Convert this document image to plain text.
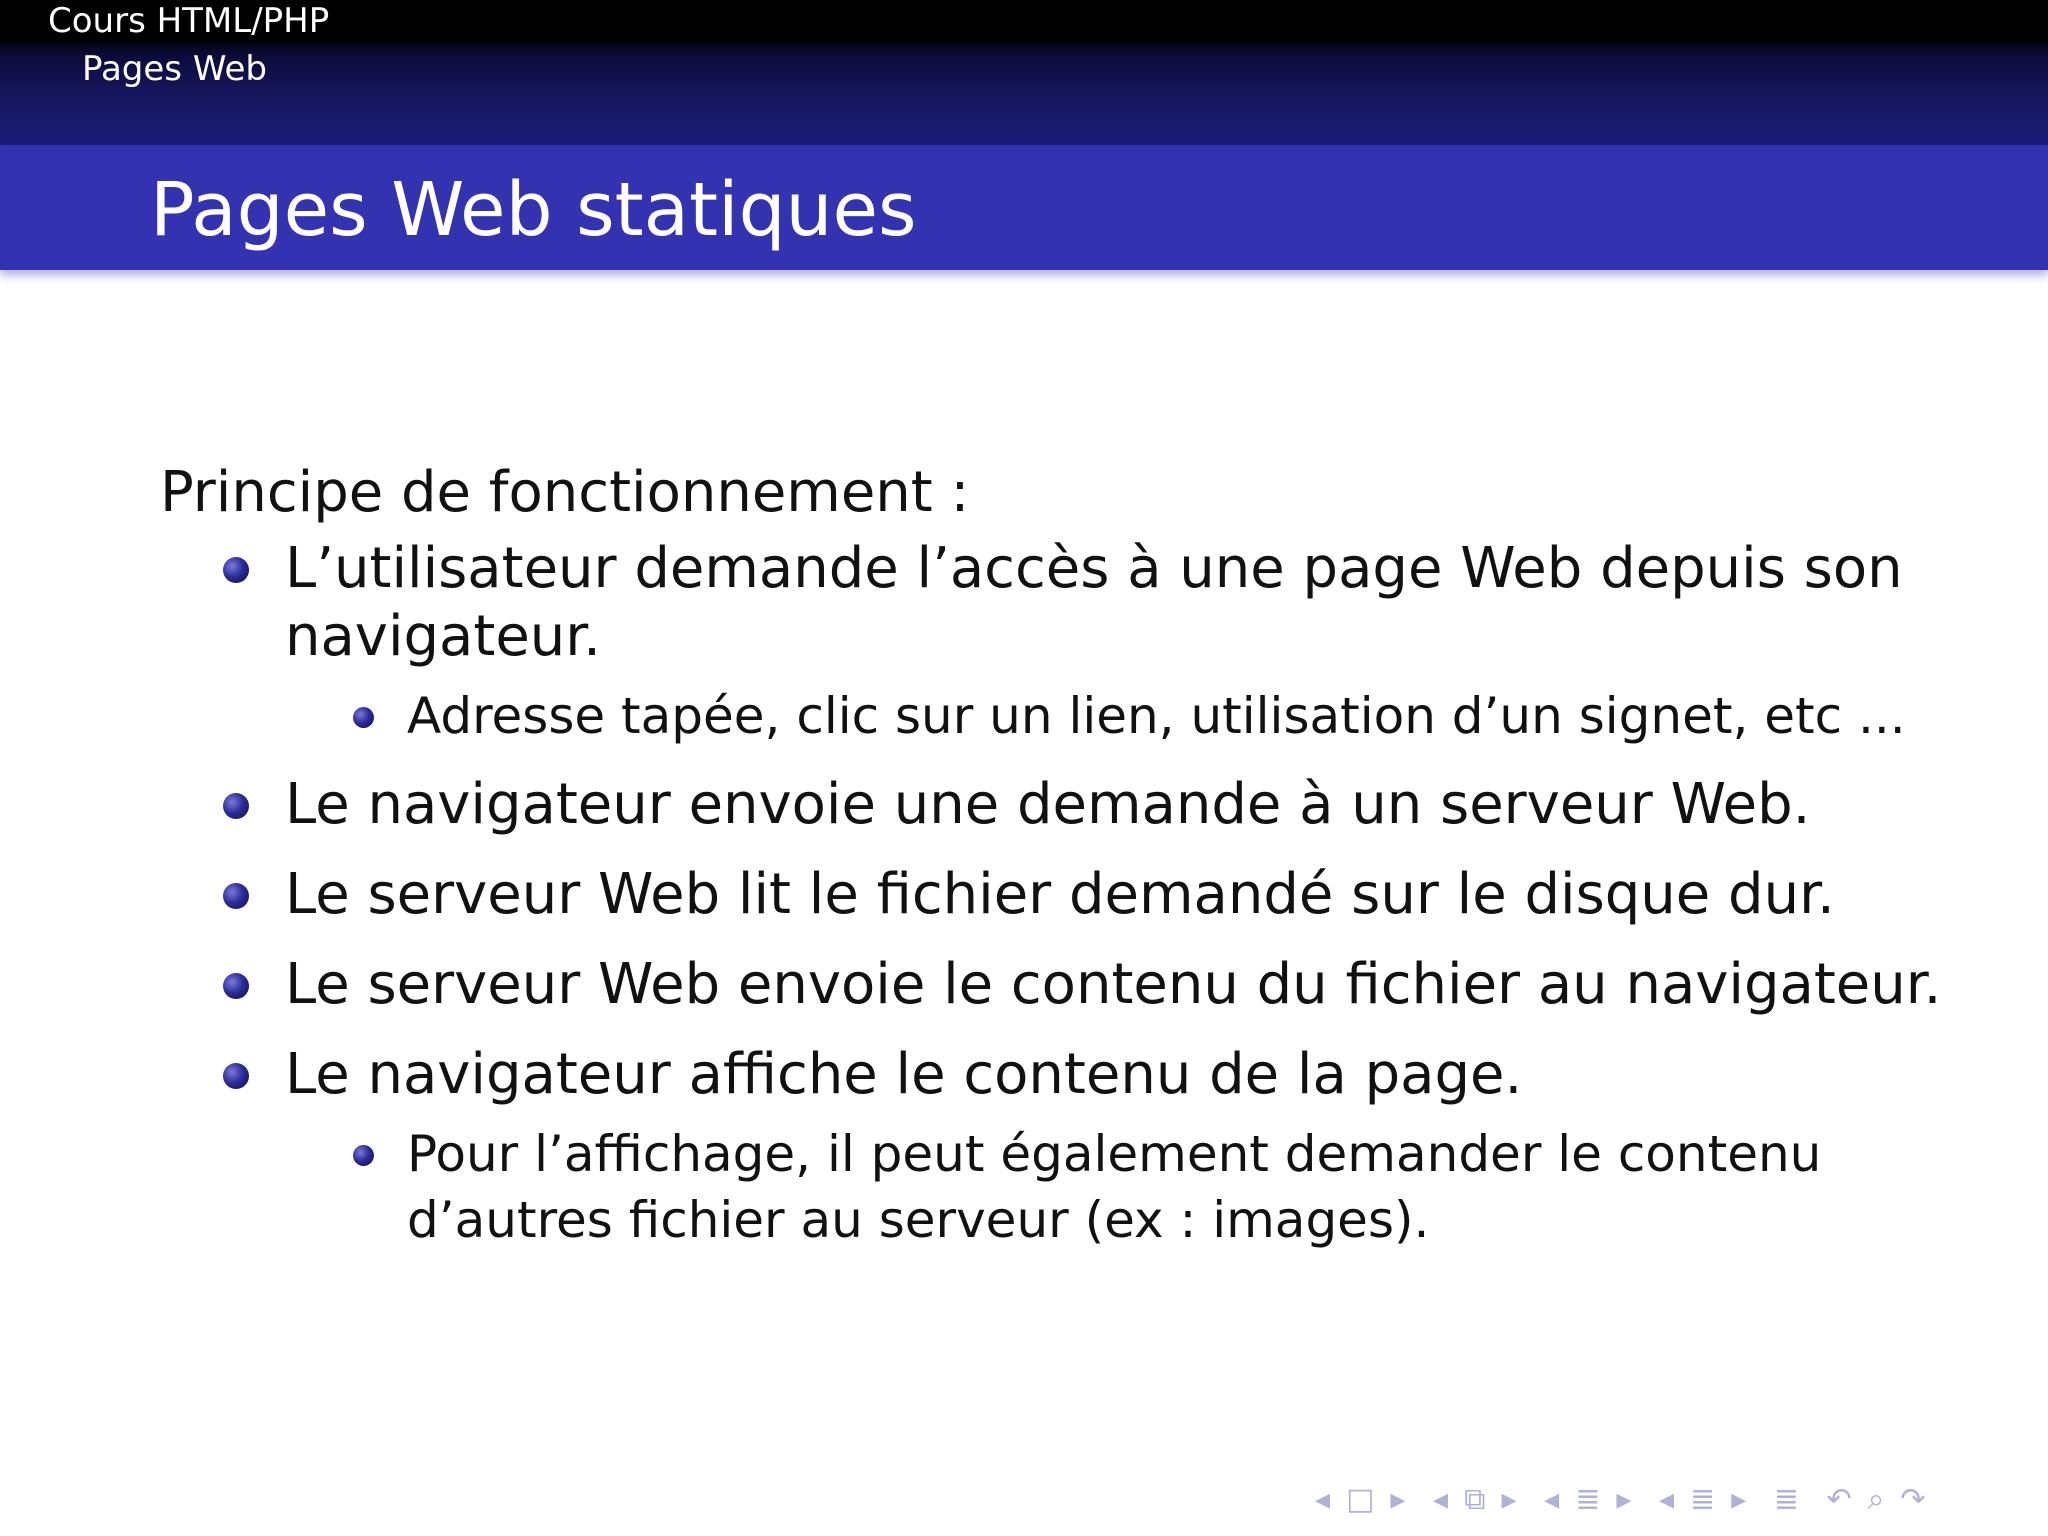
Cours HTML/PHP
Pages Web
Pages Web statiques

Principe de fonctionnement :

L’utilisateur demande l’accès à une page Web depuis son navigateur.
Adresse tapée, clic sur un lien, utilisation d’un signet, etc ...
Le navigateur envoie une demande à un serveur Web.
Le serveur Web lit le fichier demandé sur le disque dur.
Le serveur Web envoie le contenu du fichier au navigateur.
Le navigateur affiche le contenu de la page.
Pour l’affichage, il peut également demander le contenu d’autres fichier au serveur (ex : images).
◂ □ ▸ ◂ ⧉ ▸ ◂ ≣ ▸ ◂ ≣ ▸ ≣ ↶ ⌕ ↷
